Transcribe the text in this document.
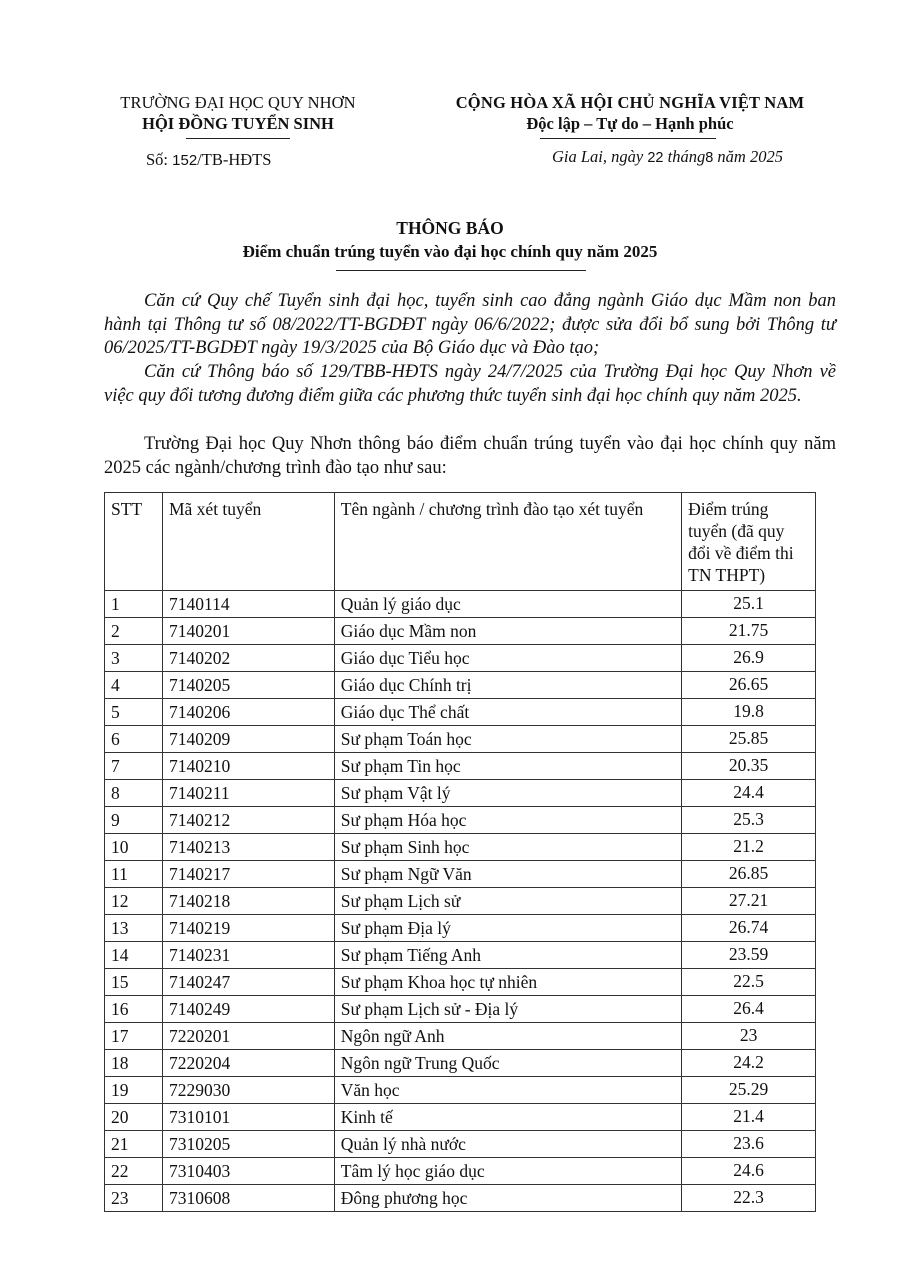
TRƯỜNG ĐẠI HỌC QUY NHƠN
HỘI ĐỒNG TUYỂN SINH
CỘNG HÒA XÃ HỘI CHỦ NGHĨA VIỆT NAM
Độc lập – Tự do – Hạnh phúc
Số: 152/TB-HĐTS	Gia Lai, ngày 22 tháng8 năm 2025
THÔNG BÁO
Điểm chuẩn trúng tuyển vào đại học chính quy năm 2025
Căn cứ Quy chế Tuyển sinh đại học, tuyển sinh cao đẳng ngành Giáo dục Mầm non ban hành tại Thông tư số 08/2022/TT-BGDĐT ngày 06/6/2022; được sửa đổi bổ sung bởi Thông tư 06/2025/TT-BGDĐT ngày 19/3/2025 của Bộ Giáo dục và Đào tạo;
Căn cứ Thông báo số 129/TBB-HĐTS ngày 24/7/2025 của Trường Đại học Quy Nhơn về việc quy đổi tương đương điểm giữa các phương thức tuyển sinh đại học chính quy năm 2025.
Trường Đại học Quy Nhơn thông báo điểm chuẩn trúng tuyển vào đại học chính quy năm 2025 các ngành/chương trình đào tạo như sau:
STT	Mã xét tuyển	Tên ngành / chương trình đào tạo xét tuyển	Điểm trúng tuyển (đã quy đổi về điểm thi TN THPT)
1	7140114	Quản lý giáo dục	25.1
2	7140201	Giáo dục Mầm non	21.75
3	7140202	Giáo dục Tiểu học	26.9
4	7140205	Giáo dục Chính trị	26.65
5	7140206	Giáo dục Thể chất	19.8
6	7140209	Sư phạm Toán học	25.85
7	7140210	Sư phạm Tin học	20.35
8	7140211	Sư phạm Vật lý	24.4
9	7140212	Sư phạm Hóa học	25.3
10	7140213	Sư phạm Sinh học	21.2
11	7140217	Sư phạm Ngữ Văn	26.85
12	7140218	Sư phạm Lịch sử	27.21
13	7140219	Sư phạm Địa lý	26.74
14	7140231	Sư phạm Tiếng Anh	23.59
15	7140247	Sư phạm Khoa học tự nhiên	22.5
16	7140249	Sư phạm Lịch sử - Địa lý	26.4
17	7220201	Ngôn ngữ Anh	23
18	7220204	Ngôn ngữ Trung Quốc	24.2
19	7229030	Văn học	25.29
20	7310101	Kinh tế	21.4
21	7310205	Quản lý nhà nước	23.6
22	7310403	Tâm lý học giáo dục	24.6
23	7310608	Đông phương học	22.3
